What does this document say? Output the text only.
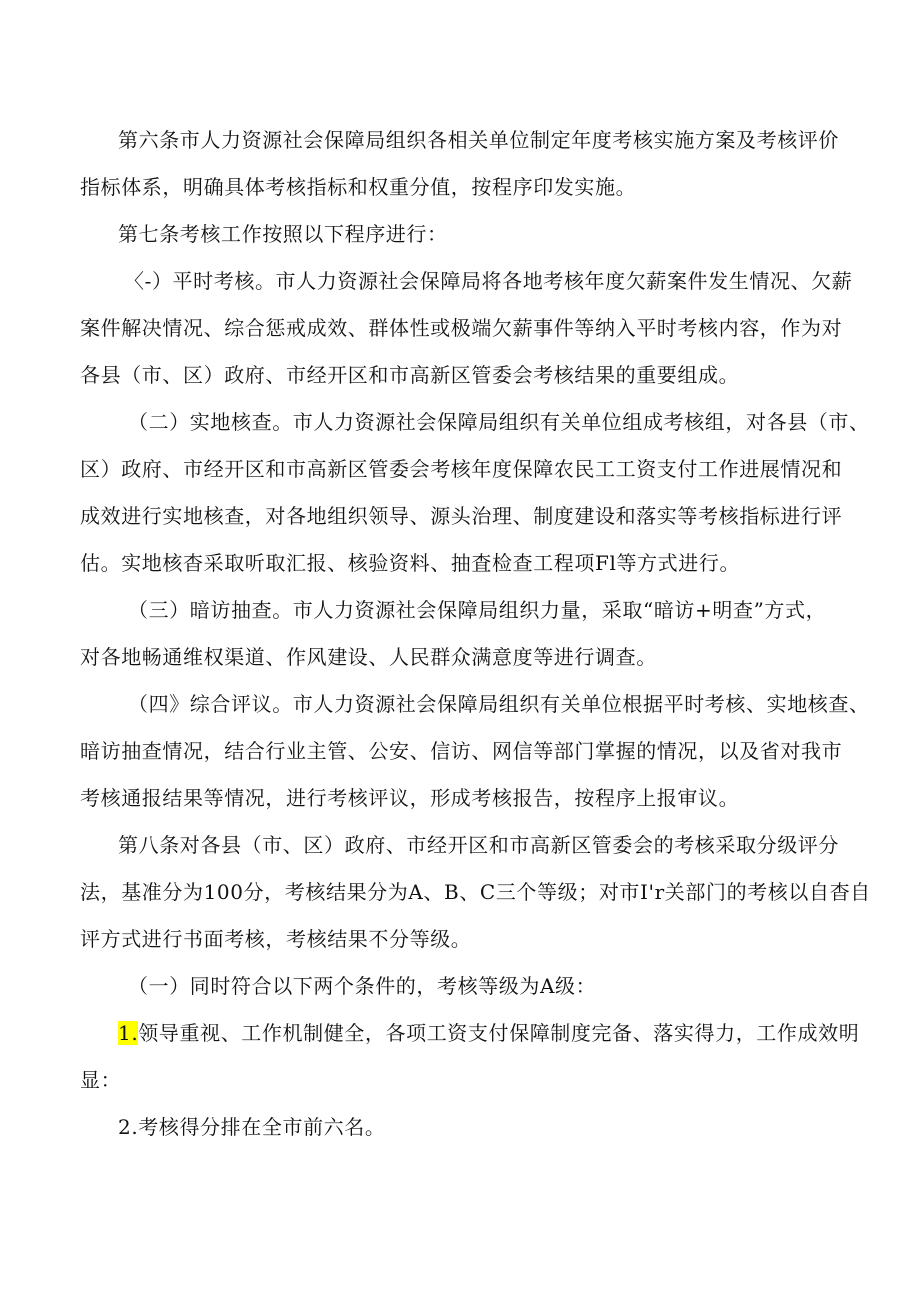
第六条市人力资源社会保障局组织各相关单位制定年度考核实施方案及考核评价
指标体系，明确具体考核指标和权重分值，按程序印发实施。
第七条考核工作按照以下程序进行：
〈-）平时考核。市人力资源社会保障局将各地考核年度欠薪案件发生情况、欠薪
案件解决情况、综合惩戒成效、群体性或极端欠薪事件等纳入平时考核内容，作为对
各县（市、区）政府、市经开区和市高新区管委会考核结果的重要组成。
（二）实地核查。市人力资源社会保障局组织有关单位组成考核组，对各县（市、
区）政府、市经开区和市高新区管委会考核年度保障农民工工资支付工作进展情况和
成效进行实地核查，对各地组织领导、源头治理、制度建设和落实等考核指标进行评
估。实地核杳采取听取汇报、核验资料、抽査检查工程项Fl等方式进行。
（三）暗访抽查。市人力资源社会保障局组织力量，采取“暗访+明查”方式，
对各地畅通维权渠道、作风建设、人民群众满意度等进行调查。
（四》综合评议。市人力资源社会保障局组织有关单位根据平时考核、实地核查、
暗访抽查情况，结合行业主管、公安、信访、网信等部门掌握的情况，以及省对我市
考核通报结果等情况，进行考核评议，形成考核报告，按程序上报审议。
第八条对各县（市、区）政府、市经开区和市高新区管委会的考核采取分级评分
法，基准分为100分，考核结果分为A、B、C三个等级；对市I'r关部门的考核以自杳自
评方式进行书面考核，考核结果不分等级。
（一）同时符合以下两个条件的，考核等级为A级：
1.领导重视、工作机制健全，各项工资支付保障制度完备、落实得力，工作成效明
显：
2.考核得分排在全市前六名。
